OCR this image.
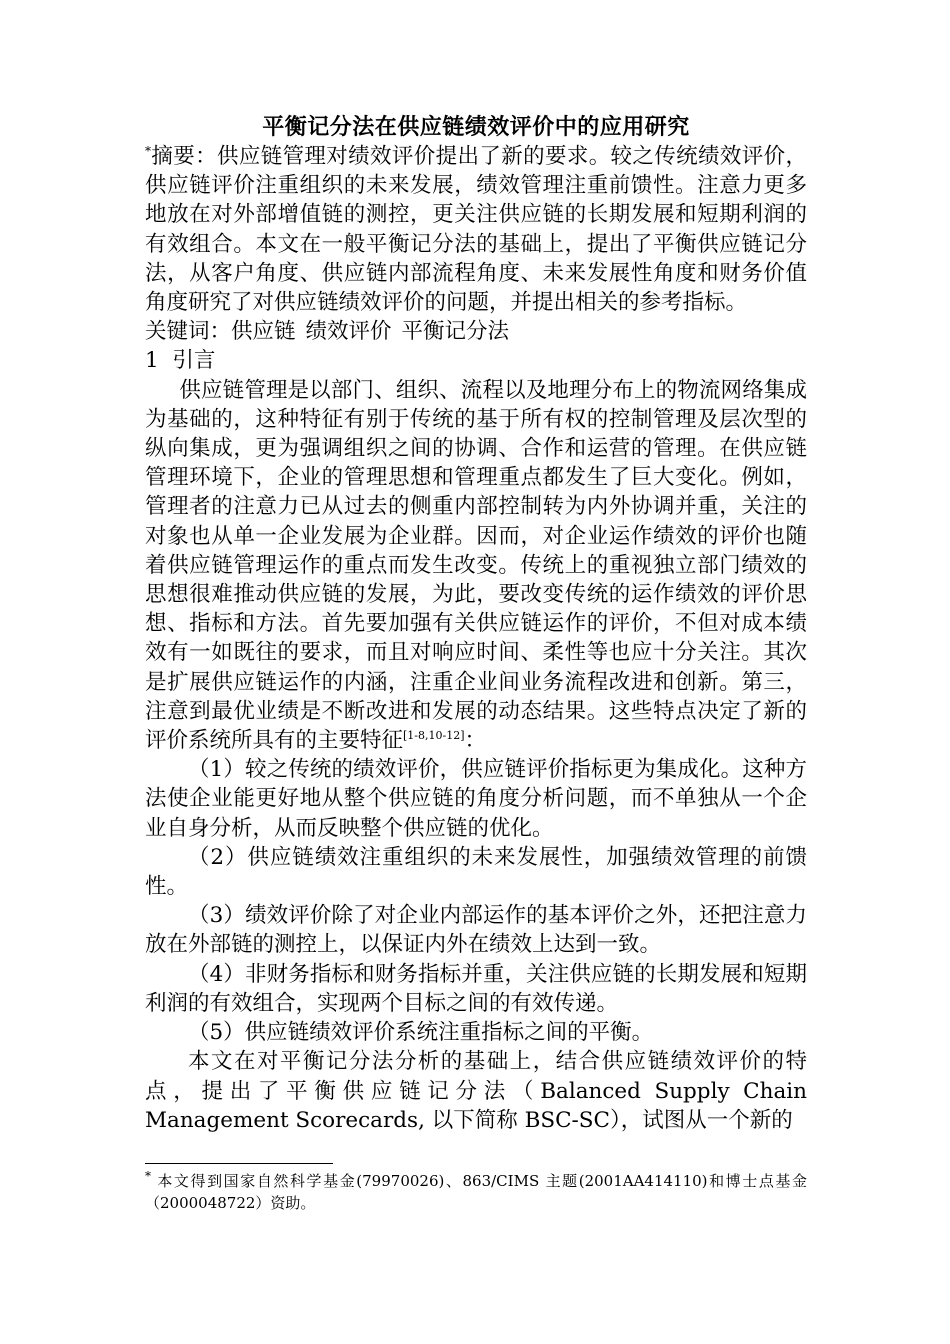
平衡记分法在供应链绩效评价中的应用研究

*摘要：供应链管理对绩效评价提出了新的要求。较之传统绩效评价，供应链评价注重组织的未来发展，绩效管理注重前馈性。注意力更多地放在对外部增值链的测控，更关注供应链的长期发展和短期利润的有效组合。本文在一般平衡记分法的基础上，提出了平衡供应链记分法，从客户角度、供应链内部流程角度、未来发展性角度和财务价值角度研究了对供应链绩效评价的问题，并提出相关的参考指标。

关键词：供应链 绩效评价 平衡记分法

1  引言

供应链管理是以部门、组织、流程以及地理分布上的物流网络集成为基础的，这种特征有别于传统的基于所有权的控制管理及层次型的纵向集成，更为强调组织之间的协调、合作和运营的管理。在供应链管理环境下，企业的管理思想和管理重点都发生了巨大变化。例如，管理者的注意力已从过去的侧重内部控制转为内外协调并重，关注的对象也从单一企业发展为企业群。因而，对企业运作绩效的评价也随着供应链管理运作的重点而发生改变。传统上的重视独立部门绩效的思想很难推动供应链的发展，为此，要改变传统的运作绩效的评价思想、指标和方法。首先要加强有关供应链运作的评价，不但对成本绩效有一如既往的要求，而且对响应时间、柔性等也应十分关注。其次是扩展供应链运作的内涵，注重企业间业务流程改进和创新。第三，注意到最优业绩是不断改进和发展的动态结果。这些特点决定了新的评价系统所具有的主要特征[1-8,10-12]：

（1）较之传统的绩效评价，供应链评价指标更为集成化。这种方法使企业能更好地从整个供应链的角度分析问题，而不单独从一个企业自身分析，从而反映整个供应链的优化。

（2）供应链绩效注重组织的未来发展性，加强绩效管理的前馈性。

（3）绩效评价除了对企业内部运作的基本评价之外，还把注意力放在外部链的测控上，以保证内外在绩效上达到一致。

（4）非财务指标和财务指标并重，关注供应链的长期发展和短期利润的有效组合，实现两个目标之间的有效传递。

（5）供应链绩效评价系统注重指标之间的平衡。

本文在对平衡记分法分析的基础上，结合供应链绩效评价的特点，提出了平衡供应链记分法（Balanced Supply Chain Management Scorecards, 以下简称 BSC-SC），试图从一个新的

* 本文得到国家自然科学基金(79970026)、863/CIMS 主题(2001AA414110)和博士点基金（2000048722）资助。
